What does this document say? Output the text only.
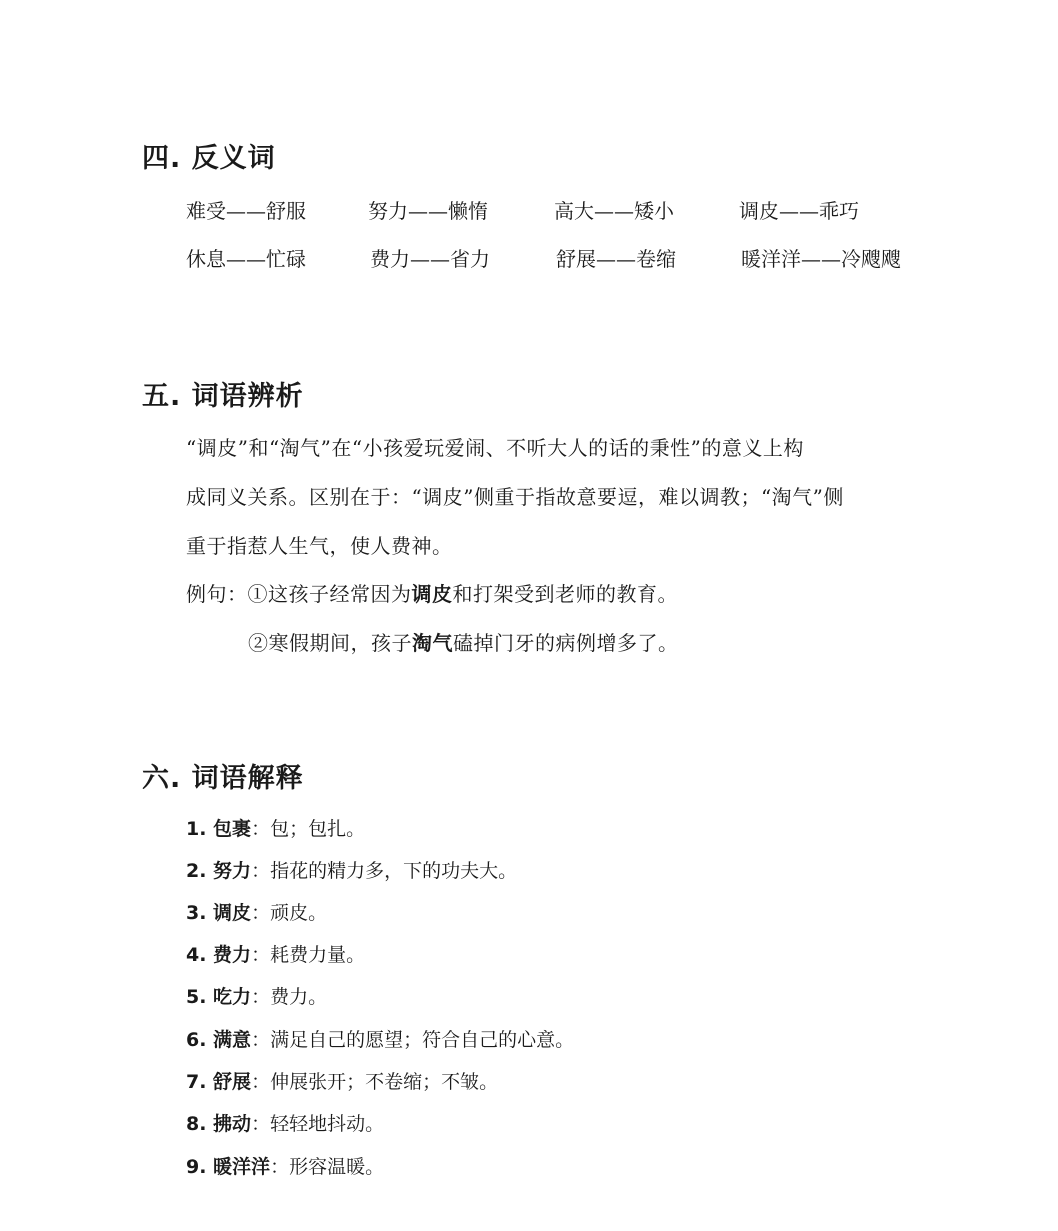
四. 反义词
难受——舒服	努力——懒惰	高大——矮小	调皮——乖巧
休息——忙碌	费力——省力	舒展——卷缩	暖洋洋——冷飕飕
五. 词语辨析
“调皮”和“淘气”在“小孩爱玩爱闹、不听大人的话的秉性”的意义上构
成同义关系。区别在于：“调皮”侧重于指故意要逗，难以调教；“淘气”侧
重于指惹人生气，使人费神。
例句：①这孩子经常因为调皮和打架受到老师的教育。
②寒假期间，孩子淘气磕掉门牙的病例增多了。
六. 词语解释
1. 包裹：包；包扎。
2. 努力：指花的精力多，下的功夫大。
3. 调皮：顽皮。
4. 费力：耗费力量。
5. 吃力：费力。
6. 满意：满足自己的愿望；符合自己的心意。
7. 舒展：伸展张开；不卷缩；不皱。
8. 拂动：轻轻地抖动。
9. 暖洋洋：形容温暖。
